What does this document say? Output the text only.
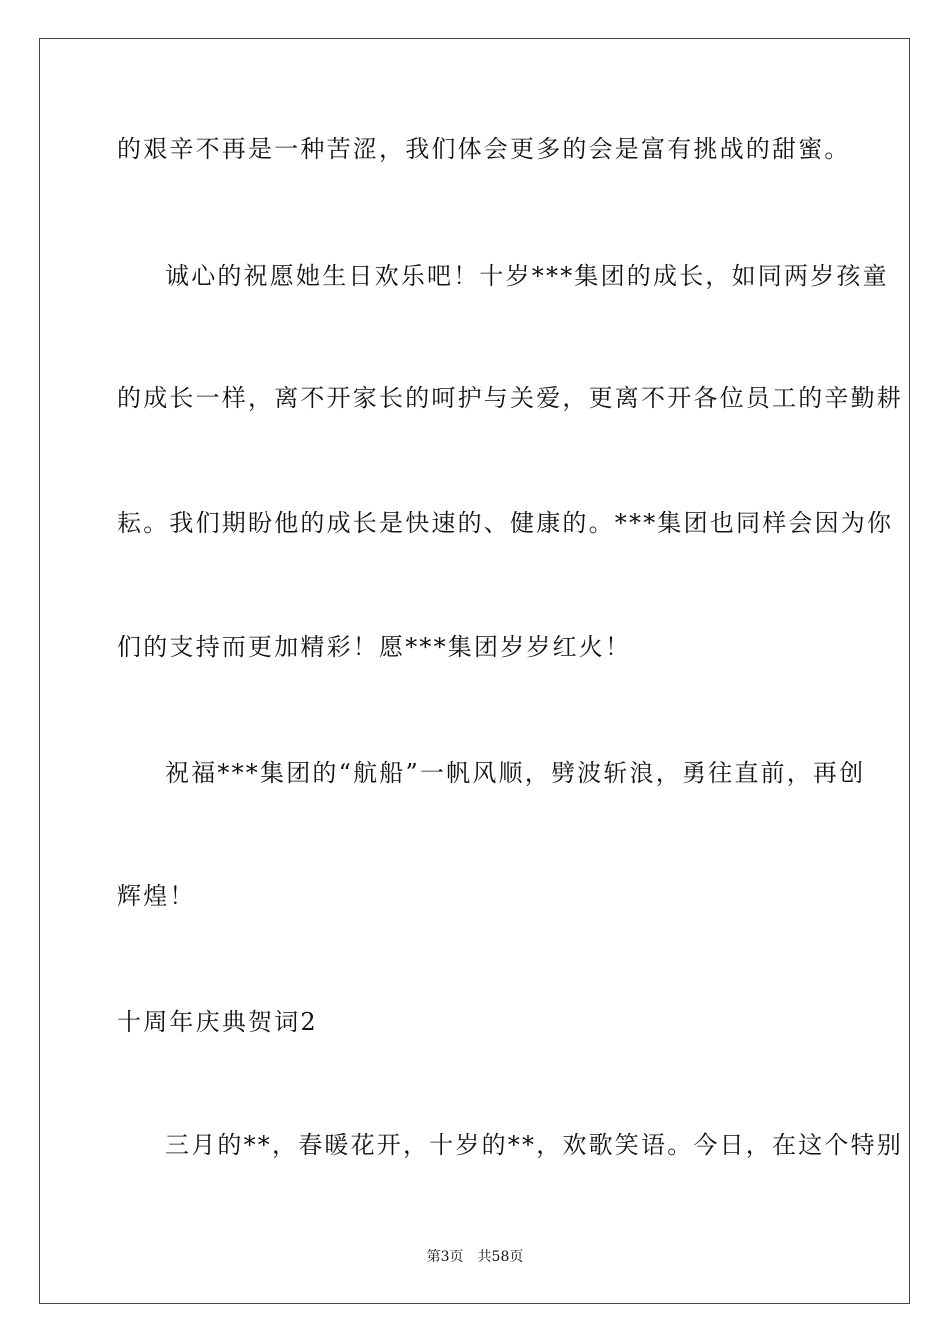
的艰辛不再是一种苦涩，我们体会更多的会是富有挑战的甜蜜。
诚心的祝愿她生日欢乐吧！十岁***集团的成长，如同两岁孩童
的成长一样，离不开家长的呵护与关爱，更离不开各位员工的辛勤耕
耘。我们期盼他的成长是快速的、健康的。***集团也同样会因为你
们的支持而更加精彩！愿***集团岁岁红火！
祝福***集团的“航船”一帆风顺，劈波斩浪，勇往直前，再创
辉煌！
十周年庆典贺词2
三月的**，春暖花开，十岁的**，欢歌笑语。今日，在这个特别
第3页 共58页
